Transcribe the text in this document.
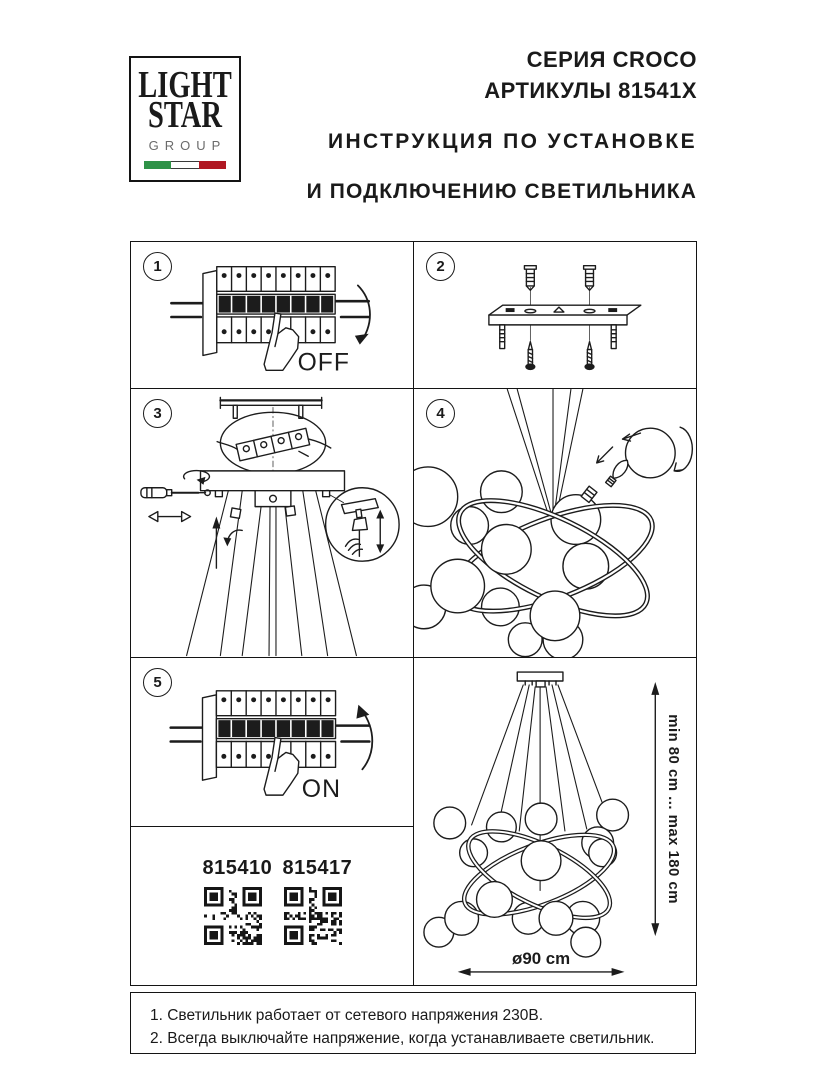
LIGHT
STAR
GROUP
СЕРИЯ CROCO
АРТИКУЛЫ 81541X
ИНСТРУКЦИЯ ПО УСТАНОВКЕ
И ПОДКЛЮЧЕНИЮ СВЕТИЛЬНИКА
1
OFF
2
3	4
5
ON
815410 815417	min 80 cm ... max 180 cm
ø90 cm
1. Светильник работает от сетевого напряжения 230В.
2. Всегда выключайте напряжение, когда устанавливаете светильник.
